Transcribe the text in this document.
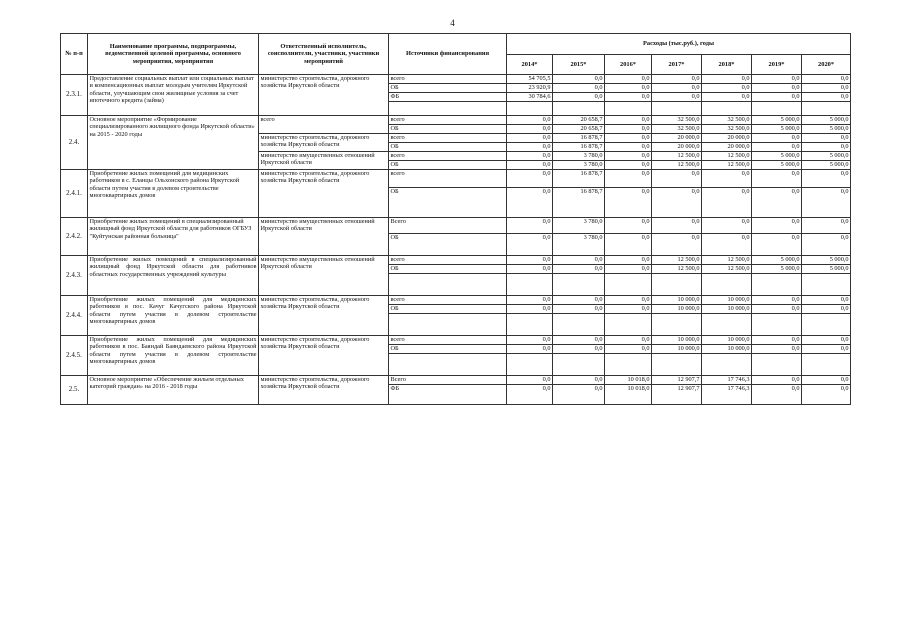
4
№ п-п	Наименование программы, подпрограммы, ведомственной целевой программы, основного мероприятия, мероприятия	Ответственный исполнитель, соисполнители, участники, участники мероприятий	Источники финансирования	Расходы (тыс.руб.), годы						
				2014*	2015*	2016*	2017*	2018*	2019*	2020*
2.3.1.	Предоставление социальных выплат или социальных выплат и компенсационных выплат молодым учителям Иркутской области, улучшающим свои жилищные условия за счет ипотечного кредита (займа)	министерство строительства, дорожного хозяйства Иркутской области	всего	54 705,5	0,0	0,0	0,0	0,0	0,0	0,0
			ОБ	23 920,9	0,0	0,0	0,0	0,0	0,0	0,0
			ФБ	30 784,6	0,0	0,0	0,0	0,0	0,0	0,0

2.4.	Основное мероприятие «Формирование специализированного жилищного фонда Иркутской области» на 2015 - 2020 годы	всего	всего	0,0	20 658,7	0,0	32 500,0	32 500,0	5 000,0	5 000,0
			ОБ	0,0	20 658,7	0,0	32 500,0	32 500,0	5 000,0	5 000,0
		министерство строительства, дорожного хозяйства Иркутской области	всего	0,0	16 878,7	0,0	20 000,0	20 000,0	0,0	0,0
			ОБ	0,0	16 878,7	0,0	20 000,0	20 000,0	0,0	0,0
		министерство имущественных отношений Иркутской области	всего	0,0	3 780,0	0,0	12 500,0	12 500,0	5 000,0	5 000,0
			ОБ	0,0	3 780,0	0,0	12 500,0	12 500,0	5 000,0	5 000,0
2.4.1.	Приобретение жилых помещений для медицинских работников в с. Еланцы Ольхонского района Иркутской области путем участия в долевом строительстве многоквартирных домов	министерство строительства, дорожного хозяйства Иркутской области	всего	0,0	16 878,7	0,0	0,0	0,0	0,0	0,0
			ОБ	0,0	16 878,7	0,0	0,0	0,0	0,0	0,0
2.4.2.	Приобретение жилых помещений в специализированный жилищный фонд Иркутской области для работников ОГБУЗ "Куйтунская районная больница"	министерство имущественных отношений Иркутской области	Всего	0,0	3 780,0	0,0	0,0	0,0	0,0	0,0
			ОБ	0,0	3 780,0	0,0	0,0	0,0	0,0	0,0
2.4.3.	Приобретение жилых помещений в специализированный жилищный фонд Иркутской области для работников областных государственных учреждений культуры	министерство имущественных отношений Иркутской области	всего	0,0	0,0	0,0	12 500,0	12 500,0	5 000,0	5 000,0
			ОБ	0,0	0,0	0,0	12 500,0	12 500,0	5 000,0	5 000,0

2.4.4.	Приобретение жилых помещений для медицинских работников в пос. Качуг Качугского района Иркутской области путем участия в долевом строительстве многоквартирных домов	министерство строительства, дорожного хозяйства Иркутской области	всего	0,0	0,0	0,0	10 000,0	10 000,0	0,0	0,0
			ОБ	0,0	0,0	0,0	10 000,0	10 000,0	0,0	0,0

2.4.5.	Приобретение жилых помещений для медицинских работников в пос. Баяндай Баяндаевского района Иркутской области путем участия в долевом строительстве многоквартирных домов	министерство строительства, дорожного хозяйства Иркутской области	всего	0,0	0,0	0,0	10 000,0	10 000,0	0,0	0,0
			ОБ	0,0	0,0	0,0	10 000,0	10 000,0	0,0	0,0

2.5.	Основное мероприятие «Обеспечение жильем отдельных категорий граждан» на 2016 - 2018 годы	министерство строительства, дорожного хозяйства Иркутской области	Всего	0,0	0,0	10 018,0	12 907,7	17 746,3	0,0	0,0
			ФБ	0,0	0,0	10 018,0	12 907,7	17 746,3	0,0	0,0
